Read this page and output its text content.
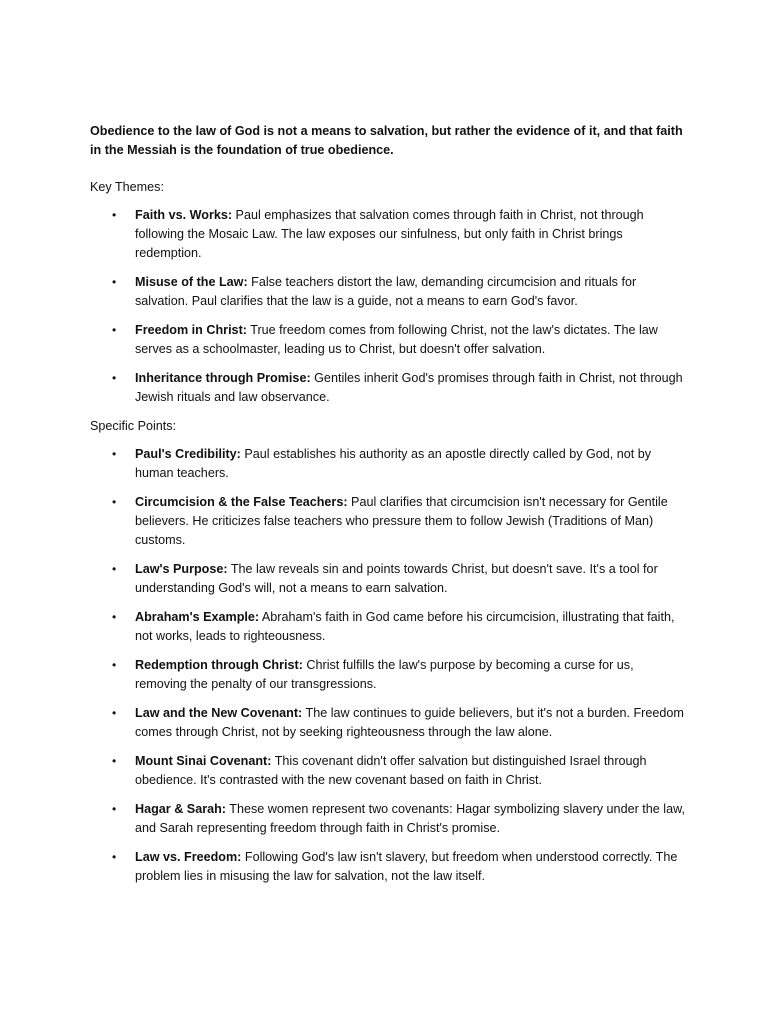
Obedience to the law of God is not a means to salvation, but rather the evidence of it, and that faith in the Messiah is the foundation of true obedience.

Key Themes:

• Faith vs. Works: Paul emphasizes that salvation comes through faith in Christ, not through following the Mosaic Law. The law exposes our sinfulness, but only faith in Christ brings redemption.
• Misuse of the Law: False teachers distort the law, demanding circumcision and rituals for salvation. Paul clarifies that the law is a guide, not a means to earn God's favor.
• Freedom in Christ: True freedom comes from following Christ, not the law's dictates. The law serves as a schoolmaster, leading us to Christ, but doesn't offer salvation.
• Inheritance through Promise: Gentiles inherit God's promises through faith in Christ, not through Jewish rituals and law observance.

Specific Points:

• Paul's Credibility: Paul establishes his authority as an apostle directly called by God, not by human teachers.
• Circumcision & the False Teachers: Paul clarifies that circumcision isn't necessary for Gentile believers. He criticizes false teachers who pressure them to follow Jewish (Traditions of Man) customs.
• Law's Purpose: The law reveals sin and points towards Christ, but doesn't save. It's a tool for understanding God's will, not a means to earn salvation.
• Abraham's Example: Abraham's faith in God came before his circumcision, illustrating that faith, not works, leads to righteousness.
• Redemption through Christ: Christ fulfills the law's purpose by becoming a curse for us, removing the penalty of our transgressions.
• Law and the New Covenant: The law continues to guide believers, but it's not a burden. Freedom comes through Christ, not by seeking righteousness through the law alone.
• Mount Sinai Covenant: This covenant didn't offer salvation but distinguished Israel through obedience. It's contrasted with the new covenant based on faith in Christ.
• Hagar & Sarah: These women represent two covenants: Hagar symbolizing slavery under the law, and Sarah representing freedom through faith in Christ's promise.
• Law vs. Freedom: Following God's law isn't slavery, but freedom when understood correctly. The problem lies in misusing the law for salvation, not the law itself.
